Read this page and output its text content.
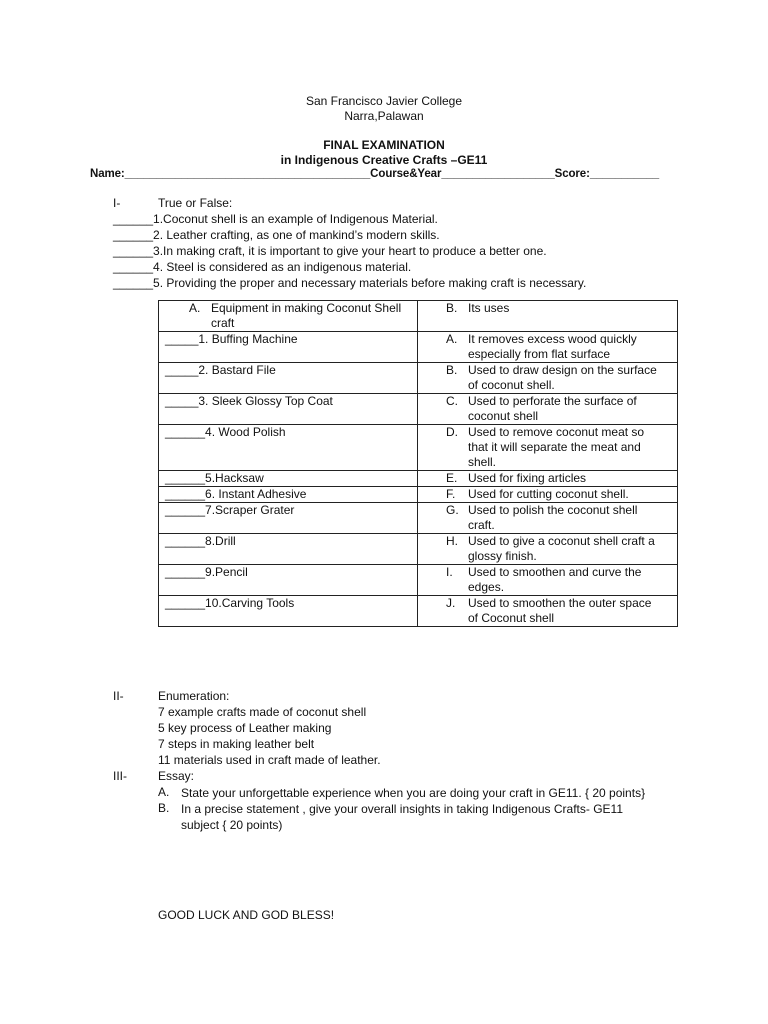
San Francisco Javier College
Narra,Palawan
FINAL EXAMINATION
in Indigenous Creative Crafts –GE11
Name:_______________________________________Course&Year__________________Score:___________
I-	True or False:
______1.Coconut shell is an example of Indigenous Material.
______2. Leather crafting, as one of mankind’s modern skills.
______3.In making craft, it is important to give your heart to produce a better one.
______4. Steel is considered as an indigenous material.
______5. Providing the proper and necessary materials before making craft is necessary.
A. Equipment in making Coconut Shell craft	B. Its uses
_____1. Buffing Machine	A. It removes excess wood quickly especially from flat surface
_____2. Bastard File	B.Used to draw design on the surface of coconut shell.
_____3. Sleek Glossy Top Coat	C. Used to perforate the surface of coconut shell
______4. Wood Polish	D. Used to remove coconut meat so that it will separate the meat and shell.
______5.Hacksaw	E. Used for fixing articles
______6. Instant Adhesive	F. Used for cutting coconut shell.
______7.Scraper Grater	G.Used to polish the coconut shell craft.
______8.Drill	H. Used to give a coconut shell craft a glossy finish.
______9.Pencil	I. Used to smoothen and curve the edges.
______10.Carving Tools	J. Used to smoothen the outer space of Coconut shell
II-	Enumeration:
7 example crafts made of coconut shell
5 key process of Leather making
7 steps in making leather belt
11 materials used in craft made of leather.
III-	Essay:
A. State your unforgettable experience when you are doing your craft in GE11. { 20 points}
B. In a precise statement , give your overall insights in taking Indigenous Crafts- GE11 subject { 20 points)
GOOD LUCK AND GOD BLESS!
